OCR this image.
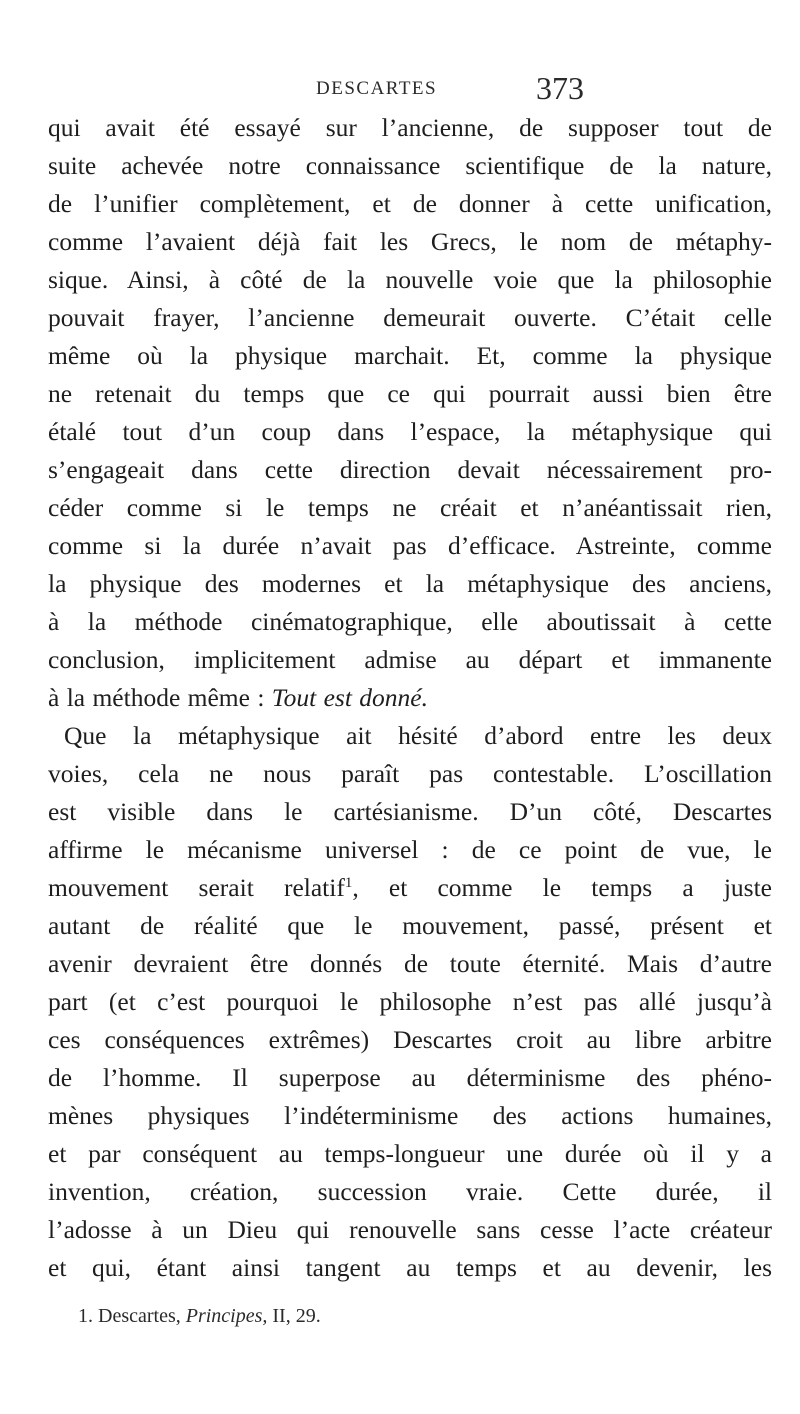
DESCARTES	373
qui avait été essayé sur l’ancienne, de supposer tout de
suite achevée notre connaissance scientifique de la nature,
de l’unifier complètement, et de donner à cette unification,
comme l’avaient déjà fait les Grecs, le nom de métaphy-
sique. Ainsi, à côté de la nouvelle voie que la philosophie
pouvait frayer, l’ancienne demeurait ouverte. C’était celle
même où la physique marchait. Et, comme la physique
ne retenait du temps que ce qui pourrait aussi bien être
étalé tout d’un coup dans l’espace, la métaphysique qui
s’engageait dans cette direction devait nécessairement pro-
céder comme si le temps ne créait et n’anéantissait rien,
comme si la durée n’avait pas d’efficace. Astreinte, comme
la physique des modernes et la métaphysique des anciens,
à la méthode cinématographique, elle aboutissait à cette
conclusion, implicitement admise au départ et immanente
à la méthode même : Tout est donné.
Que la métaphysique ait hésité d’abord entre les deux
voies, cela ne nous paraît pas contestable. L’oscillation
est visible dans le cartésianisme. D’un côté, Descartes
affirme le mécanisme universel : de ce point de vue, le
mouvement serait relatif$^1$, et comme le temps a juste
autant de réalité que le mouvement, passé, présent et
avenir devraient être donnés de toute éternité. Mais d’autre
part (et c’est pourquoi le philosophe n’est pas allé jusqu’à
ces conséquences extrêmes) Descartes croit au libre arbitre
de l’homme. Il superpose au déterminisme des phéno-
mènes physiques l’indéterminisme des actions humaines,
et par conséquent au temps-longueur une durée où il y a
invention, création, succession vraie. Cette durée, il
l’adosse à un Dieu qui renouvelle sans cesse l’acte créateur
et qui, étant ainsi tangent au temps et au devenir, les
1. Descartes, Principes, II, 29.
